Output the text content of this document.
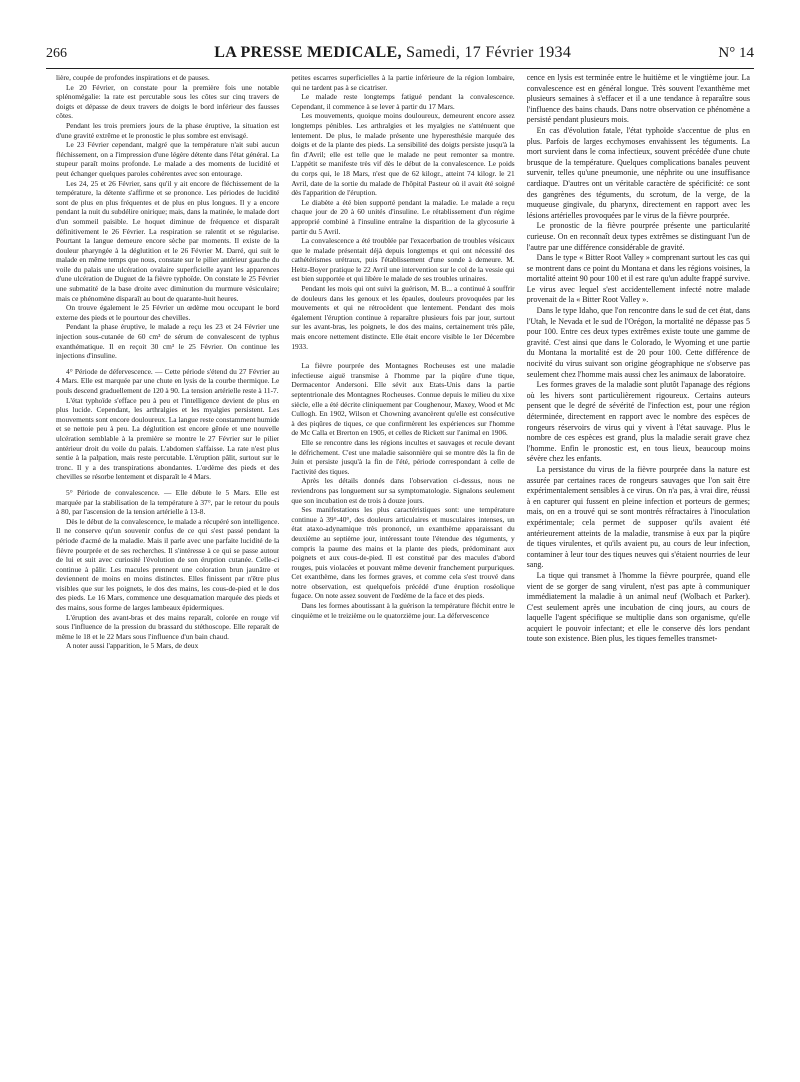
266	LA PRESSE MEDICALE, Samedi, 17 Février 1934	N° 14

lière, coupée de profondes inspirations et de pauses.

Le 20 Février, on constate pour la première fois une notable splénomégalie: la rate est percutable sous les côtes sur cinq travers de doigts et dépasse de deux travers de doigts le bord inférieur des fausses côtes.

Pendant les trois premiers jours de la phase éruptive, la situation est d'une gravité extrême et le pronostic le plus sombre est envisagé.

Le 23 Février cependant, malgré que la température n'ait subi aucun fléchissement, on a l'impression d'une légère détente dans l'état général. La stupeur paraît moins profonde. Le malade a des moments de lucidité et peut échanger quelques paroles cohérentes avec son entourage.

Les 24, 25 et 26 Février, sans qu'il y ait encore de fléchissement de la température, la détente s'affirme et se prononce. Les périodes de lucidité sont de plus en plus fréquentes et de plus en plus longues. Il y a encore pendant la nuit du subdélire onirique; mais, dans la matinée, le malade dort d'un sommeil paisible. Le hoquet diminue de fréquence et disparaît définitivement le 26 Février. La respiration se ralentit et se régularise. Pourtant la langue demeure encore sèche par moments. Il existe de la douleur pharyngée à la déglutition et le 26 Février M. Darré, qui suit le malade en même temps que nous, constate sur le pilier antérieur gauche du voile du palais une ulcération ovalaire superficielle ayant les apparences d'une ulcération de Duguet de la fièvre typhoïde. On constate le 25 Février une submatité de la base droite avec diminution du murmure vésiculaire; mais ce phénomène disparaît au bout de quarante-huit heures.

On trouve également le 25 Février un œdème mou occupant le bord externe des pieds et le pourtour des chevilles.

Pendant la phase éruptive, le malade a reçu les 23 et 24 Février une injection sous-cutanée de 60 cm³ de sérum de convalescent de typhus exanthématique. Il en reçoit 30 cm³ le 25 Février. On continue les injections d'insuline.

4° Période de défervescence. — Cette période s'étend du 27 Février au 4 Mars. Elle est marquée par une chute en lysis de la courbe thermique. Le pouls descend graduellement de 120 à 90. La tension artérielle reste à 11-7.

L'état typhoïde s'efface peu à peu et l'intelligence devient de plus en plus lucide. Cependant, les arthralgies et les myalgies persistent. Les mouvements sont encore douloureux. La langue reste constamment humide et se nettoie peu à peu. La déglutition est encore gênée et une nouvelle ulcération semblable à la première se montre le 27 Février sur le pilier antérieur droit du voile du palais. L'abdomen s'affaisse. La rate n'est plus sentie à la palpation, mais reste percutable. L'éruption pâlit, surtout sur le tronc. Il y a des transpirations abondantes. L'œdème des pieds et des chevilles se résorbe lentement et disparaît le 4 Mars.

5° Période de convalescence. — Elle débute le 5 Mars. Elle est marquée par la stabilisation de la température à 37°, par le retour du pouls à 80, par l'ascension de la tension artérielle à 13-8.

Dès le début de la convalescence, le malade a récupéré son intelligence. Il ne conserve qu'un souvenir confus de ce qui s'est passé pendant la période d'acmé de la maladie. Mais il parle avec une parfaite lucidité de la fièvre pourprée et de ses recherches. Il s'intéresse à ce qui se passe autour de lui et suit avec curiosité l'évolution de son éruption cutanée. Celle-ci continue à pâlir. Les macules prennent une coloration brun jaunâtre et deviennent de moins en moins distinctes. Elles finissent par n'être plus visibles que sur les poignets, le dos des mains, les cous-de-pied et le dos des pieds. Le 16 Mars, commence une desquamation marquée des pieds et des mains, sous forme de larges lambeaux épidermiques.

L'éruption des avant-bras et des mains reparaît, colorée en rouge vif sous l'influence de la pression du brassard du stéthoscope. Elle reparaît de même le 18 et le 22 Mars sous l'influence d'un bain chaud.

A noter aussi l'apparition, le 5 Mars, de deux

petites escarres superficielles à la partie inférieure de la région lombaire, qui ne tardent pas à se cicatriser.

Le malade reste longtemps fatigué pendant la convalescence. Cependant, il commence à se lever à partir du 17 Mars.

Les mouvements, quoique moins douloureux, demeurent encore assez longtemps pénibles. Les arthralgies et les myalgies ne s'atténuent que lentement. De plus, le malade présente une hyperesthésie marquée des doigts et de la plante des pieds. La sensibilité des doigts persiste jusqu'à la fin d'Avril; elle est telle que le malade ne peut remonter sa montre. L'appétit se manifeste très vif dès le début de la convalescence. Le poids du corps qui, le 18 Mars, n'est que de 62 kilogr., atteint 74 kilogr. le 21 Avril, date de la sortie du malade de l'hôpital Pasteur où il avait été soigné dès l'apparition de l'éruption.

Le diabète a été bien supporté pendant la maladie. Le malade a reçu chaque jour de 20 à 60 unités d'insuline. Le rétablissement d'un régime approprié combiné à l'insuline entraîne la disparition de la glycosurie à partir du 5 Avril.

La convalescence a été troublée par l'exacerbation de troubles vésicaux que le malade présentait déjà depuis longtemps et qui ont nécessité des cathétérismes urétraux, puis l'établissement d'une sonde à demeure. M. Heitz-Boyer pratique le 22 Avril une intervention sur le col de la vessie qui est bien supportée et qui libère le malade de ses troubles urinaires.

Pendant les mois qui ont suivi la guérison, M. B... a continué à souffrir de douleurs dans les genoux et les épaules, douleurs provoquées par les mouvements et qui ne rétrocèdent que lentement. Pendant des mois également l'éruption continue à reparaître plusieurs fois par jour, surtout sur les avant-bras, les poignets, le dos des mains, certainement très pâle, mais encore nettement distincte. Elle était encore visible le 1er Décembre 1933.

La fièvre pourprée des Montagnes Rocheuses est une maladie infectieuse aiguë transmise à l'homme par la piqûre d'une tique, Dermacentor Andersoni. Elle sévit aux Etats-Unis dans la partie septentrionale des Montagnes Rocheuses. Connue depuis le milieu du xixe siècle, elle a été décrite cliniquement par Coughenour, Maxey, Wood et Mc Cullogh. En 1902, Wilson et Chowning avancèrent qu'elle est consécutive à des piqûres de tiques, ce que confirmèrent les expériences sur l'homme de Mc Calla et Brerton en 1905, et celles de Rickett sur l'animal en 1906.

Elle se rencontre dans les régions incultes et sauvages et recule devant le défrichement. C'est une maladie saisonnière qui se montre dès la fin de Juin et persiste jusqu'à la fin de l'été, période correspondant à celle de l'activité des tiques.

Après les détails donnés dans l'observation ci-dessus, nous ne reviendrons pas longuement sur sa symptomatologie. Signalons seulement que son incubation est de trois à douze jours.

Ses manifestations les plus caractéristiques sont: une température continue à 39°-40°, des douleurs articulaires et musculaires intenses, un état ataxo-adynamique très prononcé, un exanthème apparaissant du deuxième au septième jour, intéressant toute l'étendue des téguments, y compris la paume des mains et la plante des pieds, prédominant aux poignets et aux cous-de-pied. Il est constitué par des macules d'abord rouges, puis violacées et pouvant même devenir franchement purpuriques. Cet exanthème, dans les formes graves, et comme cela s'est trouvé dans notre observation, est quelquefois précédé d'une éruption roséolique fugace. On note assez souvent de l'œdème de la face et des pieds.

Dans les formes aboutissant à la guérison la température fléchit entre le cinquième et le treizième ou le quatorzième jour. La défervescence

cence en lysis est terminée entre le huitième et le vingtième jour. La convalescence est en général longue. Très souvent l'exanthème met plusieurs semaines à s'effacer et il a une tendance à reparaître sous l'influence des bains chauds. Dans notre observation ce phénomène a persisté pendant plusieurs mois.

En cas d'évolution fatale, l'état typhoïde s'accentue de plus en plus. Parfois de larges ecchymoses envahissent les téguments. La mort survient dans le coma infectieux, souvent précédée d'une chute brusque de la température. Quelques complications banales peuvent survenir, telles qu'une pneumonie, une néphrite ou une insuffisance cardiaque. D'autres ont un véritable caractère de spécificité: ce sont des gangrènes des téguments, du scrotum, de la verge, de la muqueuse gingivale, du pharynx, directement en rapport avec les lésions artérielles provoquées par le virus de la fièvre pourprée.

Le pronostic de la fièvre pourprée présente une particularité curieuse. On en reconnaît deux types extrêmes se distinguant l'un de l'autre par une différence considérable de gravité.

Dans le type « Bitter Root Valley » comprenant surtout les cas qui se montrent dans ce point du Montana et dans les régions voisines, la mortalité atteint 90 pour 100 et il est rare qu'un adulte frappé survive. Le virus avec lequel s'est accidentellement infecté notre malade provenait de la « Bitter Root Valley ».

Dans le type Idaho, que l'on rencontre dans le sud de cet état, dans l'Utah, le Nevada et le sud de l'Orégon, la mortalité ne dépasse pas 5 pour 100. Entre ces deux types extrêmes existe toute une gamme de gravité. C'est ainsi que dans le Colorado, le Wyoming et une partie du Montana la mortalité est de 20 pour 100. Cette différence de nocivité du virus suivant son origine géographique ne s'observe pas seulement chez l'homme mais aussi chez les animaux de laboratoire.

Les formes graves de la maladie sont plutôt l'apanage des régions où les hivers sont particulièrement rigoureux. Certains auteurs pensent que le degré de sévérité de l'infection est, pour une région déterminée, directement en rapport avec le nombre des espèces de rongeurs réservoirs de virus qui y vivent à l'état sauvage. Plus le nombre de ces espèces est grand, plus la maladie serait grave chez l'homme. Enfin le pronostic est, en tous lieux, beaucoup moins sévère chez les enfants.

La persistance du virus de la fièvre pourprée dans la nature est assurée par certaines races de rongeurs sauvages que l'on sait être expérimentalement sensibles à ce virus. On n'a pas, à vrai dire, réussi à en capturer qui fussent en pleine infection et porteurs de germes; mais, on en a trouvé qui se sont montrés réfractaires à l'inoculation expérimentale; cela permet de supposer qu'ils avaient été antérieurement atteints de la maladie, transmise à eux par la piqûre de tiques virulentes, et qu'ils avaient pu, au cours de leur infection, contaminer à leur tour des tiques neuves qui s'étaient nourries de leur sang.

La tique qui transmet à l'homme la fièvre pourprée, quand elle vient de se gorger de sang virulent, n'est pas apte à communiquer immédiatement la maladie à un animal neuf (Wolbach et Parker). C'est seulement après une incubation de cinq jours, au cours de laquelle l'agent spécifique se multiplie dans son organisme, qu'elle acquiert le pouvoir infectant; et elle le conserve dès lors pendant toute son existence. Bien plus, les tiques femelles transmet-
